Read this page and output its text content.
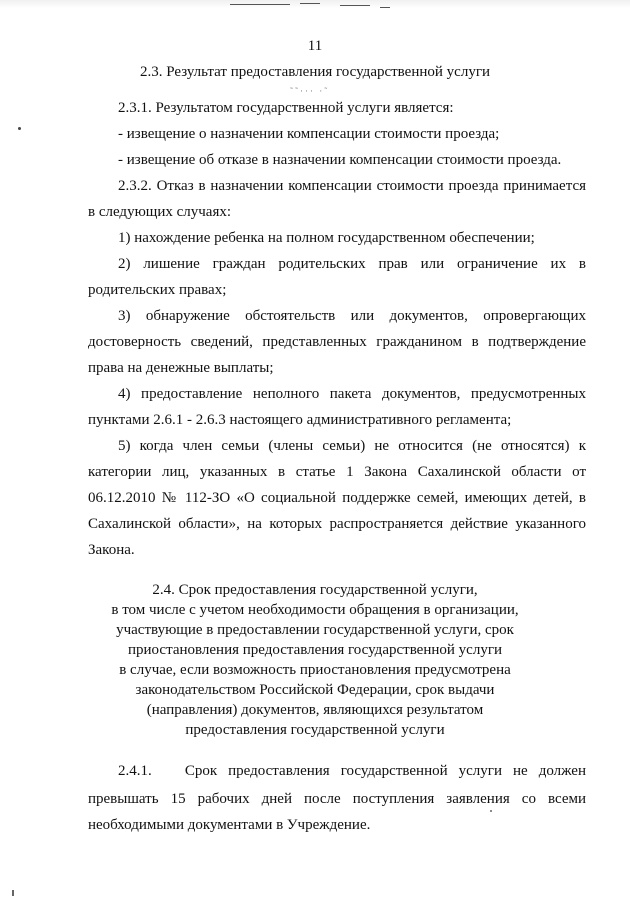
11
2.3. Результат предоставления государственной услуги
˜˜··· ·˜
2.3.1. Результатом государственной услуги является:
- извещение о назначении компенсации стоимости проезда;
- извещение об отказе в назначении компенсации стоимости проезда.
2.3.2. Отказ в назначении компенсации стоимости проезда принимается
в следующих случаях:
1) нахождение ребенка на полном государственном обеспечении;
2) лишение граждан родительских прав или ограничение их в
родительских правах;
3) обнаружение обстоятельств или документов, опровергающих
достоверность сведений, представленных гражданином в подтверждение
права на денежные выплаты;
4) предоставление неполного пакета документов, предусмотренных
пунктами 2.6.1 - 2.6.3 настоящего административного регламента;
5) когда член семьи (члены семьи) не относится (не относятся) к
категории лиц, указанных в статье 1 Закона Сахалинской области от
06.12.2010 № 112-ЗО «О социальной поддержке семей, имеющих детей, в
Сахалинской области», на которых распространяется действие указанного
Закона.
2.4. Срок предоставления государственной услуги,
в том числе с учетом необходимости обращения в организации,
участвующие в предоставлении государственной услуги, срок
приостановления предоставления государственной услуги
в случае, если возможность приостановления предусмотрена
законодательством Российской Федерации, срок выдачи
(направления) документов, являющихся результатом
предоставления государственной услуги
2.4.1.   Срок предоставления государственной услуги не должен
превышать 15 рабочих дней после поступления заявления со всеми
необходимыми документами в Учреждение.
